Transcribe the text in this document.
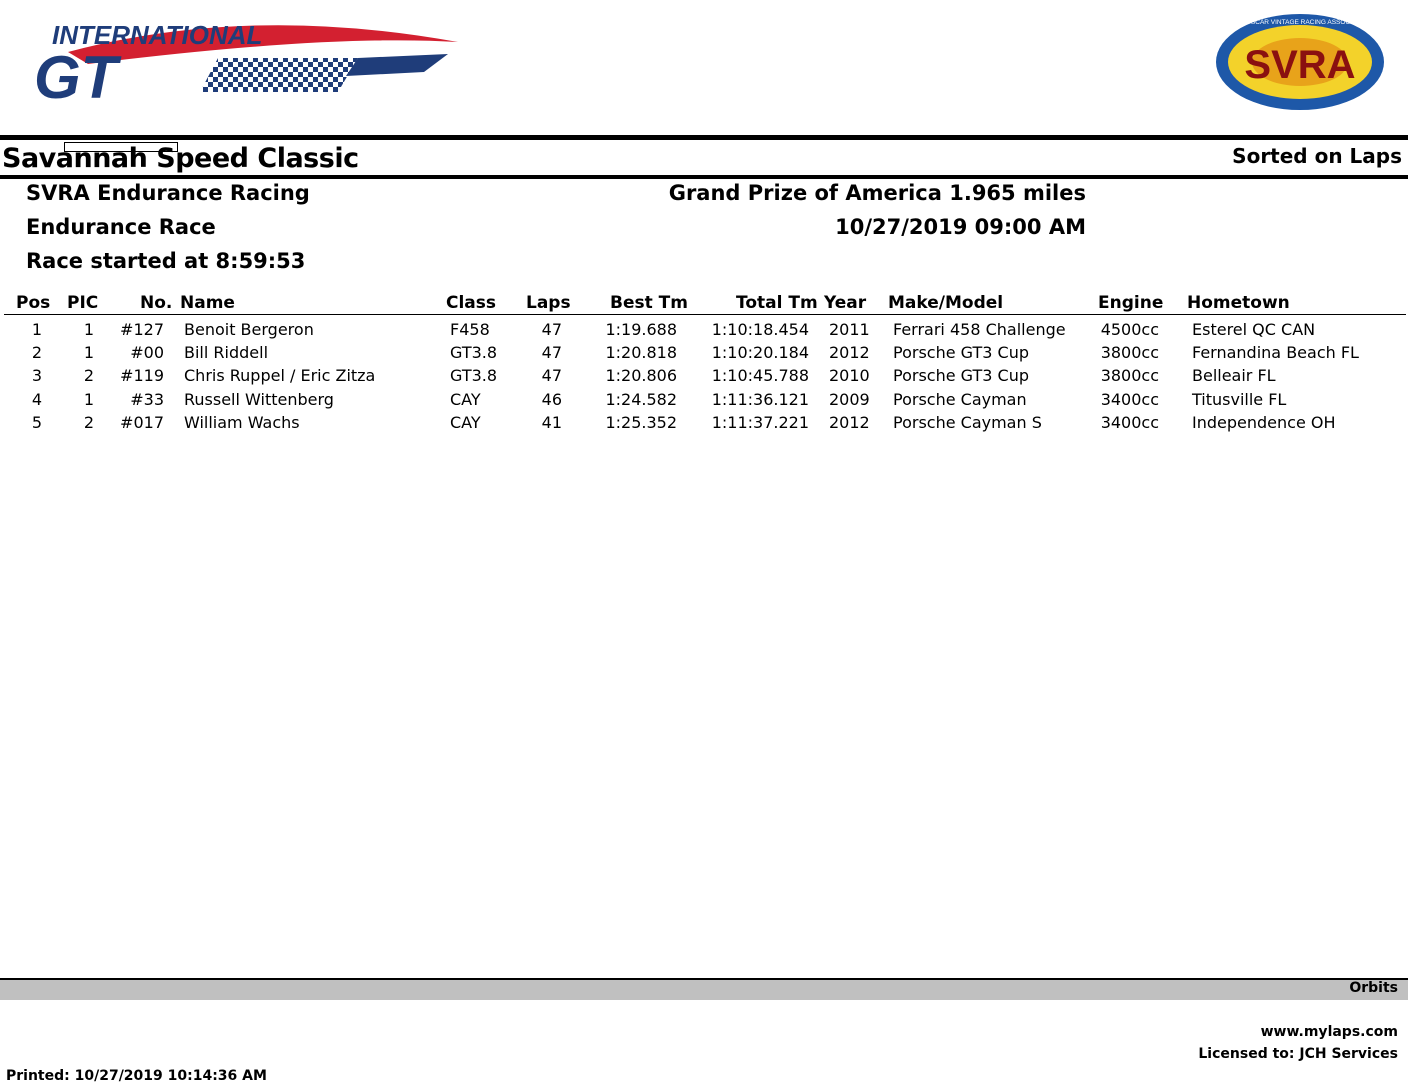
INTERNATIONAL
GT	SVRA
SPORTSCAR VINTAGE RACING ASSOCIATION
Savannah Speed Classic	Sorted on Laps
SVRA Endurance Racing
Endurance Race
Race started at 8:59:53
Grand Prize of America 1.965 miles
10/27/2019 09:00 AM
Pos PIC No. Name	Class Laps Best Tm	Total Tm Year Make/Model	Engine Hometown
1	1 #127 Benoit Bergeron	F458	47	1:19.688 1:10:18.454 2011 Ferrari 458 Challenge 4500cc Esterel QC CAN
2	1 #00 Bill Riddell	GT3.8	47	1:20.818 1:10:20.184 2012 Porsche GT3 Cup	3800cc Fernandina Beach FL
3	2 #119 Chris Ruppel / Eric Zitza	GT3.8	47	1:20.806 1:10:45.788 2010 Porsche GT3 Cup	3800cc Belleair FL
4	1 #33 Russell Wittenberg	CAY	46	1:24.582 1:11:36.121 2009 Porsche Cayman	3400cc Titusville FL
5	2 #017 William Wachs	CAY	41	1:25.352 1:11:37.221 2012 Porsche Cayman S	3400cc Independence OH
Orbits
www.mylaps.com
Licensed to: JCH Services
Printed: 10/27/2019 10:14:36 AM
